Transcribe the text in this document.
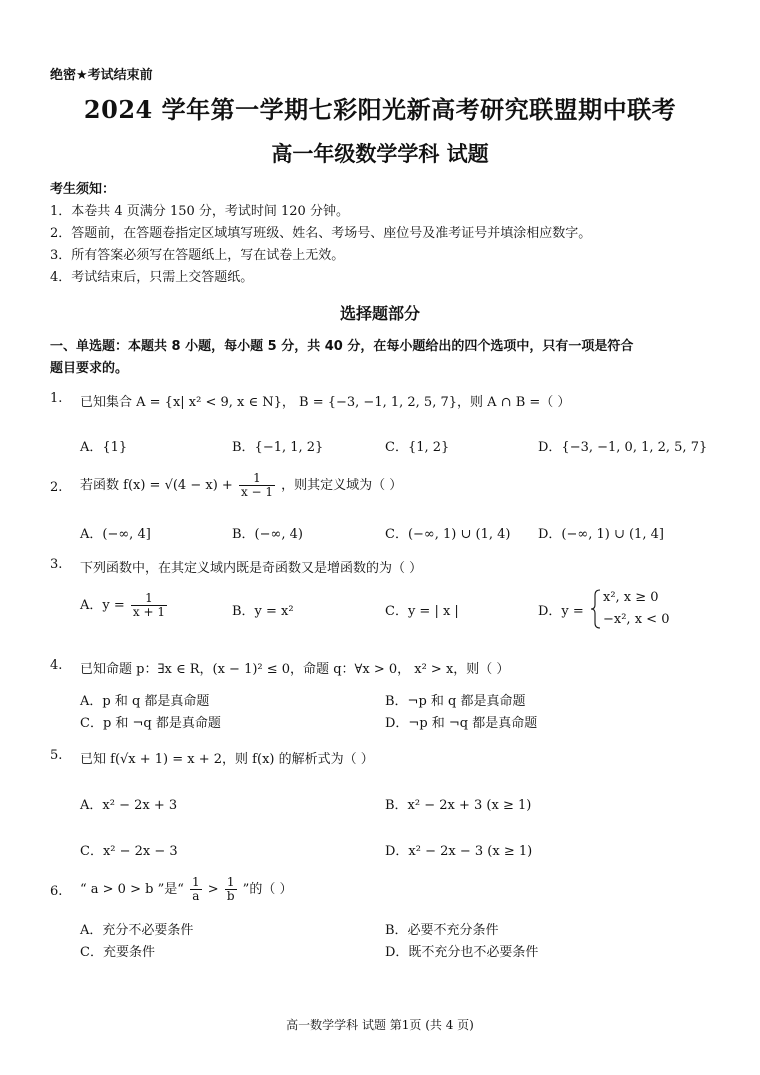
绝密★考试结束前
2024 学年第一学期七彩阳光新高考研究联盟期中联考
高一年级数学学科 试题
考生须知：
1．本卷共 4 页满分 150 分，考试时间 120 分钟。
2．答题前，在答题卷指定区域填写班级、姓名、考场号、座位号及准考证号并填涂相应数字。
3．所有答案必须写在答题纸上，写在试卷上无效。
4．考试结束后，只需上交答题纸。
选择题部分
一、单选题：本题共 8 小题，每小题 5 分，共 40 分，在每小题给出的四个选项中，只有一项是符合
题目要求的。
1. 已知集合 A = {x| x² < 9, x ∈ N}， B = {−3, −1, 1, 2, 5, 7}，则 A ∩ B =（ ）
A．{1}	B．{−1, 1, 2}	C．{1, 2}	D．{−3, −1, 0, 1, 2, 5, 7}
2. 若函数 $f(x) = √(4 - x) + \frac{1}{x - 1}$ ，则其定义域为（ ）
A．(−∞, 4]	B．(−∞, 4)	C．(−∞, 1) ∪ (1, 4) D．(−∞, 1) ∪ (1, 4]
3. 下列函数中，在其定义域内既是奇函数又是增函数的为（ ）
A．$y = \frac{1}{x + 1}$	B．y = x²	C．y = | x |	D．y =
x², x ≥ 0
−x², x < 0
4. 已知命题 p：∃x ∈ R，(x − 1)² ≤ 0，命题 q：∀x > 0， x² > x，则（ ）
A．p 和 q 都是真命题	B．¬p 和 q 都是真命题
C．p 和 ¬q 都是真命题	D．¬p 和 ¬q 都是真命题
5. 已知 f(√x + 1) = x + 2，则 f(x) 的解析式为（ ）
A．x² − 2x + 3	B．x² − 2x + 3 (x ≥ 1)
C．x² − 2x − 3	D．x² − 2x − 3 (x ≥ 1)
6. “ a > 0 > b ”是“ $\frac{1}{a} > \frac{1}{b}$ ”的（ ）
A．充分不必要条件	B．必要不充分条件
C．充要条件	D．既不充分也不必要条件
高一数学学科 试题 第1页 (共 4 页)
